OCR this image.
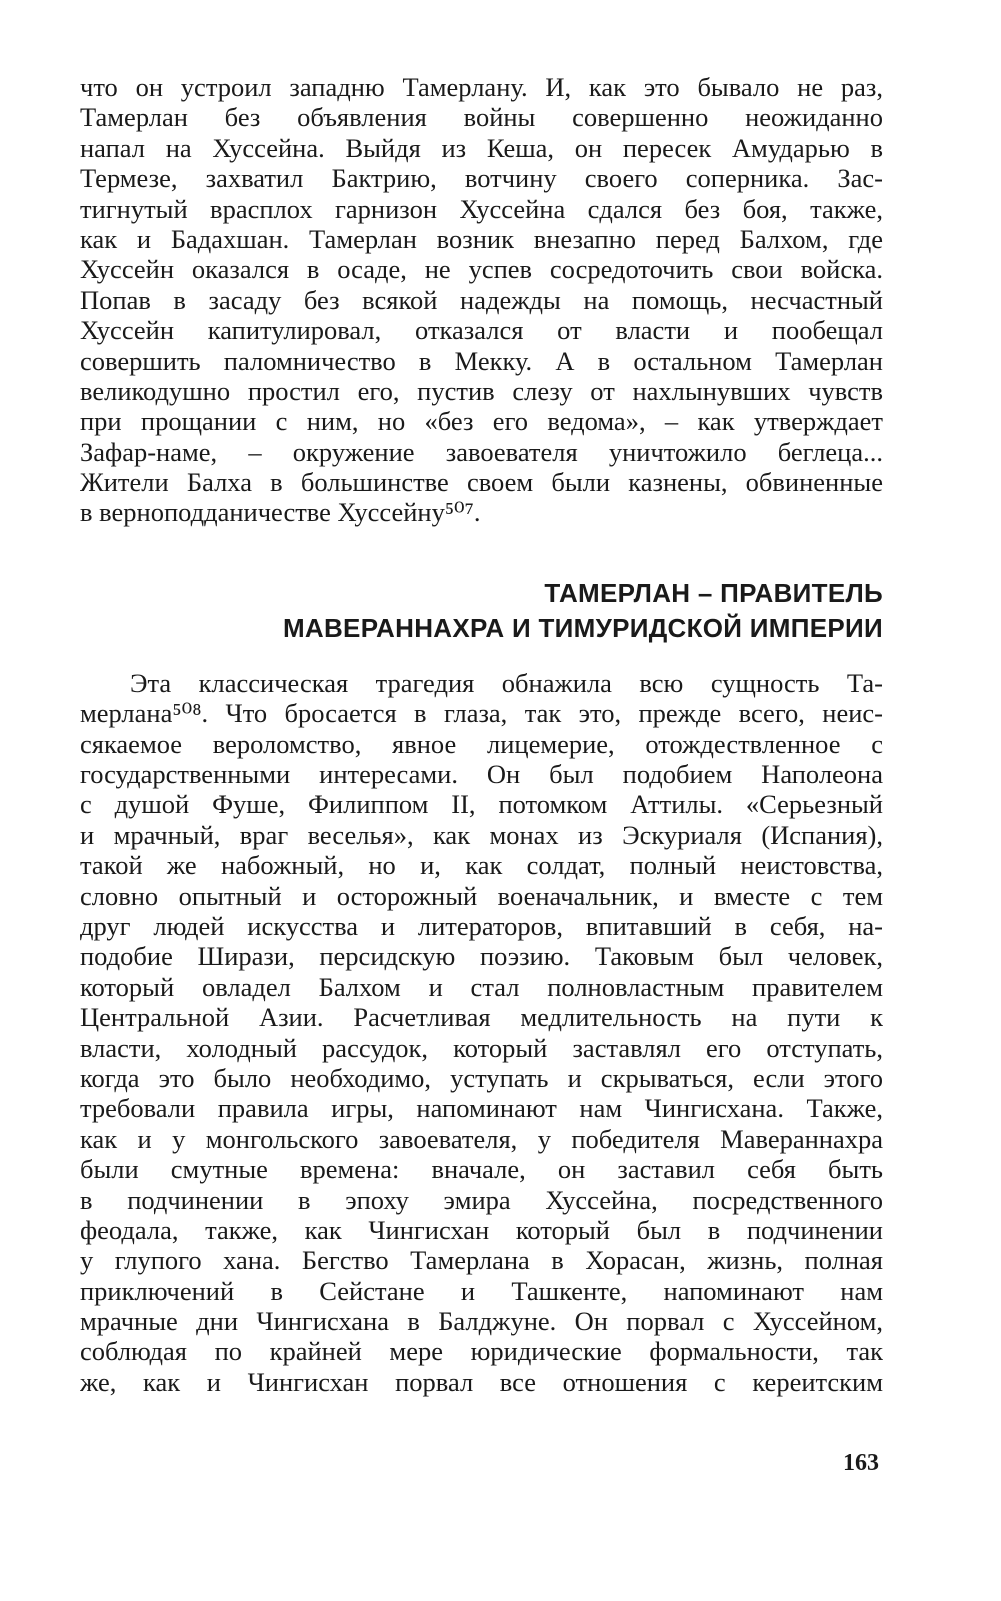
что он устроил западню Тамерлану. И, как это бывало не раз,
Тамерлан без объявления войны совершенно неожиданно
напал на Хуссейна. Выйдя из Кеша, он пересек Амударью в
Термезе, захватил Бактрию, вотчину своего соперника. Зас-
тигнутый врасплох гарнизон Хуссейна сдался без боя, также,
как и Бадахшан. Тамерлан возник внезапно перед Балхом, где
Хуссейн оказался в осаде, не успев сосредоточить свои войска.
Попав в засаду без всякой надежды на помощь, несчастный
Хуссейн капитулировал, отказался от власти и пообещал
совершить паломничество в Мекку. А в остальном Тамерлан
великодушно простил его, пустив слезу от нахлынувших чувств
при прощании с ним, но «без его ведома», – как утверждает
Зафар-наме, – окружение завоевателя уничтожило беглеца...
Жители Балха в большинстве своем были казнены, обвиненные
в верноподданичестве Хуссейну⁵⁰⁷.
ТАМЕРЛАН – ПРАВИТЕЛЬ
МАВЕРАННАХРА И ТИМУРИДСКОЙ ИМПЕРИИ
Эта классическая трагедия обнажила всю сущность Та-
мерлана⁵⁰⁸. Что бросается в глаза, так это, прежде всего, неис-
сякаемое вероломство, явное лицемерие, отождествленное с
государственными интересами. Он был подобием Наполеона
с душой Фуше, Филиппом II, потомком Аттилы. «Серьезный
и мрачный, враг веселья», как монах из Эскуриаля (Испания),
такой же набожный, но и, как солдат, полный неистовства,
словно опытный и осторожный военачальник, и вместе с тем
друг людей искусства и литераторов, впитавший в себя, на-
подобие Ширази, персидскую поэзию. Таковым был человек,
который овладел Балхом и стал полновластным правителем
Центральной Азии. Расчетливая медлительность на пути к
власти, холодный рассудок, который заставлял его отступать,
когда это было необходимо, уступать и скрываться, если этого
требовали правила игры, напоминают нам Чингисхана. Также,
как и у монгольского завоевателя, у победителя Мавераннахра
были смутные времена: вначале, он заставил себя быть
в подчинении в эпоху эмира Хуссейна, посредственного
феодала, также, как Чингисхан который был в подчинении
у глупого хана. Бегство Тамерлана в Хорасан, жизнь, полная
приключений в Сейстане и Ташкенте, напоминают нам
мрачные дни Чингисхана в Балджуне. Он порвал с Хуссейном,
соблюдая по крайней мере юридические формальности, так
же, как и Чингисхан порвал все отношения с кереитским
163
